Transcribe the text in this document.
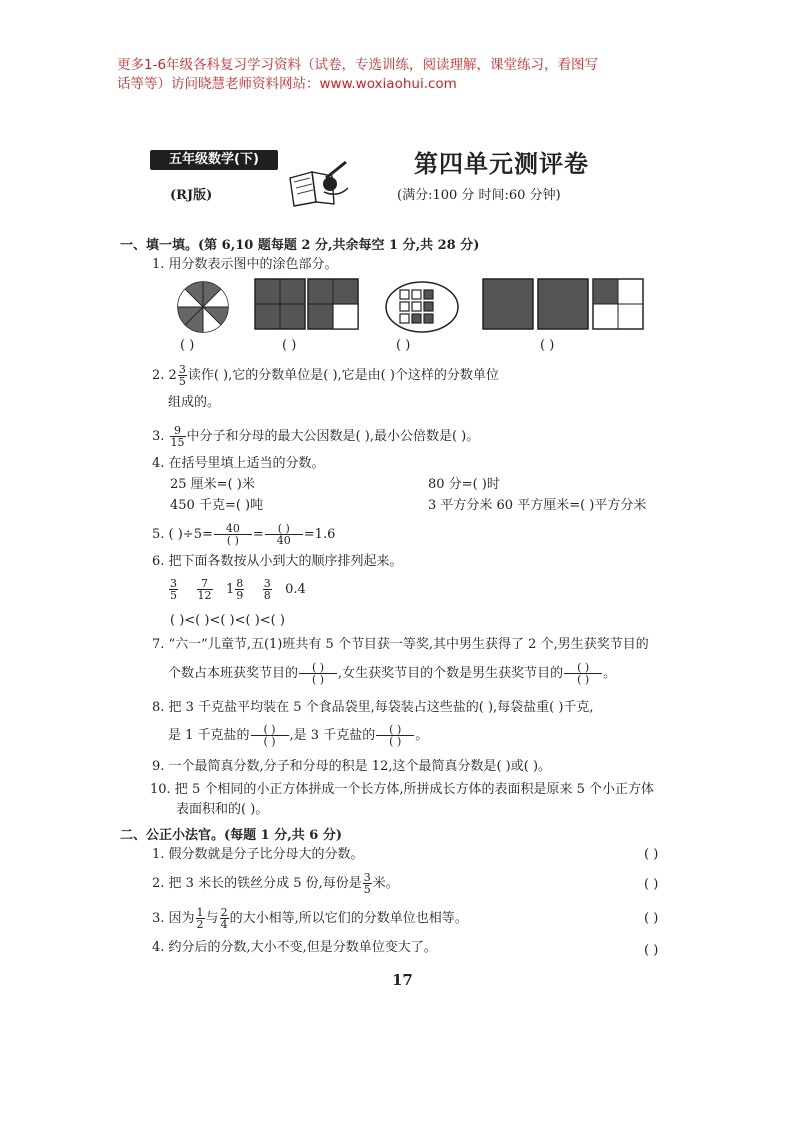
更多1-6年级各科复习学习资料（试卷，专选训练，阅读理解，课堂练习，看图写
话等等）访问晓慧老师资料网站：www.woxiaohui.com
五年级数学(下)
(RJ版)
第四单元测评卷
(满分:100 分 时间:60 分钟)
一、填一填。(第 6,10 题每题 2 分,共余每空 1 分,共 28 分)
1. 用分数表示图中的涂色部分。
( )	( )	( )	( )
2. $2 \frac{3}{5}$ 读作( ),它的分数单位是( ),它是由( )个这样的分数单位
组成的。
3. $\frac{9}{15}$ 中分子和分母的最大公因数是( ),最小公倍数是( )。
4. 在括号里填上适当的分数。
25 厘米=( )米	80 分=( )时
450 千克=( )吨	3 平方分米 60 平方厘米=( )平方分米
5. ( )$\div 5= \frac{40}{( )} = \frac{( )}{40} =1.6$
6. 把下面各数按从小到大的顺序排列起来。
$\frac{3}{5}$
$\frac{7}{12} 1 \frac{8}{9}$
$\frac{3}{8} 0.4$
( )<( )<( )<( )<( )
7. “六一”儿童节,五(1)班共有 5 个节目获一等奖,其中男生获得了 2 个,男生获奖节目的
个数占本班获奖节目的 $\frac{( )}{( )}$ ,女生获奖节目的个数是男生获奖节目的 $\frac{( )}{( )}$ 。
8. 把 3 千克盐平均装在 5 个食品袋里,每袋装占这些盐的( ),每袋盐重( )千克,
是 1 千克盐的 $\frac{( )}{( )}$ ,是 3 千克盐的 $\frac{( )}{( )}$ 。
9. 一个最简真分数,分子和分母的积是 12,这个最简真分数是( )或( )。
10. 把 5 个相同的小正方体拼成一个长方体,所拼成长方体的表面积是原来 5 个小正方体
表面积和的( )。
二、公正小法官。(每题 1 分,共 6 分)
1. 假分数就是分子比分母大的分数。
2. 把 3 米长的铁丝分成 5 份,每份是 $\frac{3}{5}$ 米。
3. 因为 $\frac{1}{2}$ 与 $\frac{2}{4}$ 的大小相等,所以它们的分数单位也相等。
4. 约分后的分数,大小不变,但是分数单位变大了。
( )
( )
( )
( )
17
